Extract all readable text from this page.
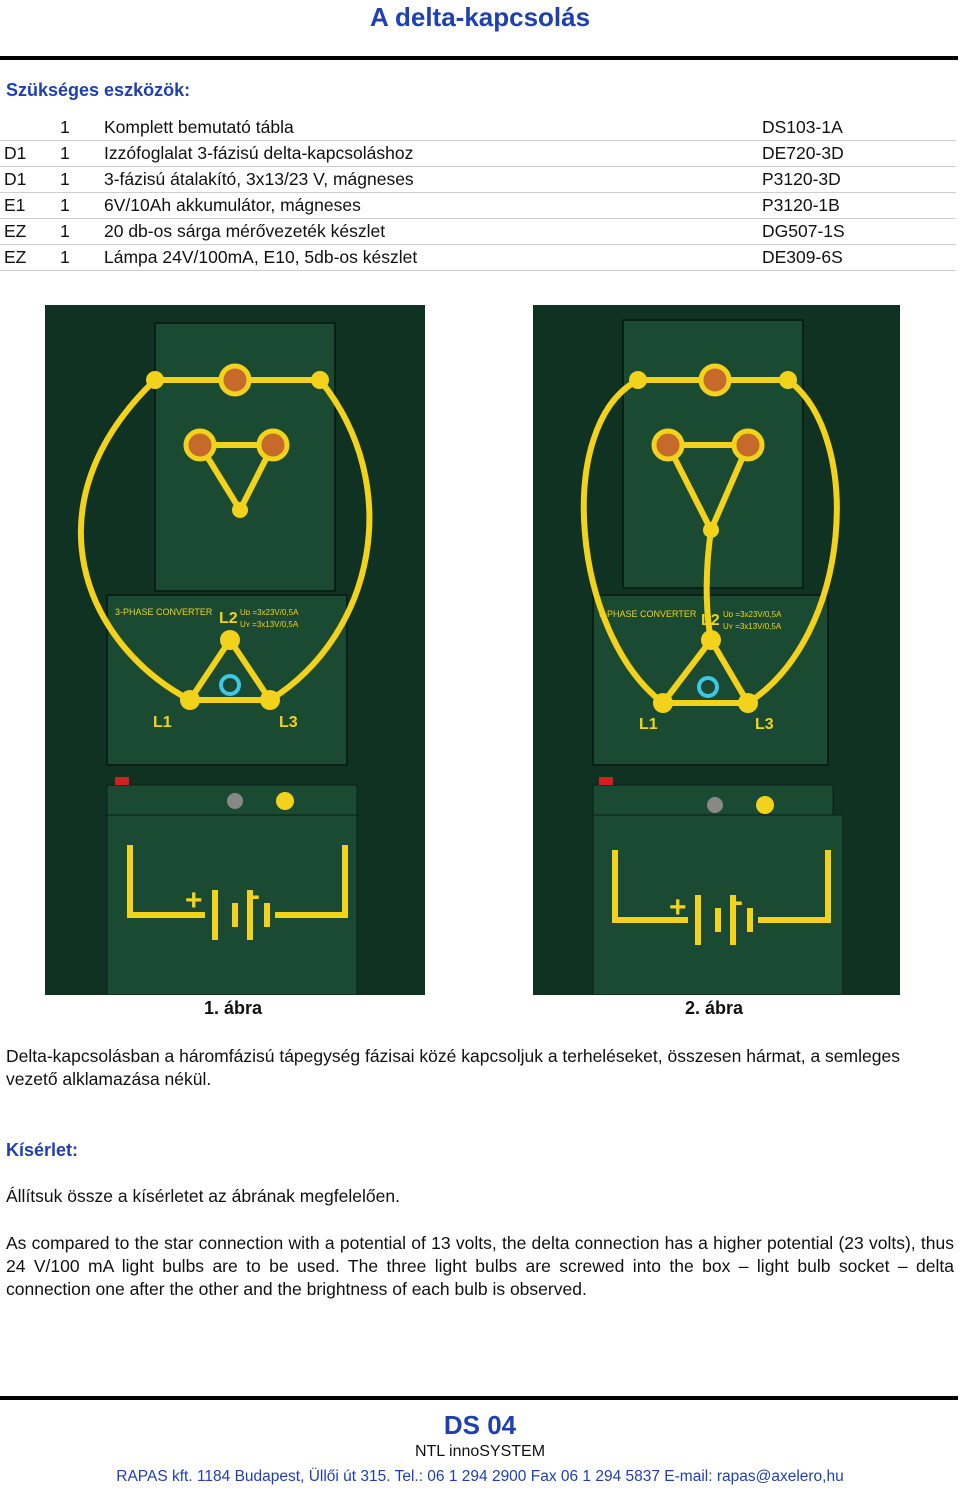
A delta-kapcsolás
Szükséges eszközök:
	1	Komplett bemutató tábla	DS103-1A
D1	1	Izzófoglalat 3-fázisú delta-kapcsoláshoz	DE720-3D
D1	1	3-fázisú átalakító, 3x13/23 V, mágneses	P3120-3D
E1	1	6V/10Ah akkumulátor, mágneses	P3120-1B
EZ	1	20 db-os sárga mérővezeték készlet	DG507-1S
EZ	1	Lámpa 24V/100mA, E10, 5db-os készlet	DE309-6S
3-PHASE CONVERTER	Uᴅ =3x23V/0,5A
Uʏ =3x13V/0,5A
L2
L1	L3
+ -
3-PHASE CONVERTER	Uᴅ =3x23V/0,5A
Uʏ =3x13V/0,5A
L2
L1	L3
+ -
1. ábra	2. ábra
Delta-kapcsolásban a háromfázisú tápegység fázisai közé kapcsoljuk a terheléseket, összesen hármat, a semleges vezető alklamazása nékül.
Kísérlet:
Állítsuk össze a kísérletet az ábrának megfelelően.
As compared to the star connection with a potential of 13 volts, the delta connection has a higher potential (23 volts), thus 24 V/100 mA light bulbs are to be used. The three light bulbs are screwed into the box – light bulb socket – delta connection one after the other and the brightness of each bulb is observed.
DS 04
NTL innoSYSTEM
RAPAS kft. 1184 Budapest, Üllői út 315. Tel.: 06 1 294 2900 Fax 06 1 294 5837 E-mail: rapas@axelero,hu
